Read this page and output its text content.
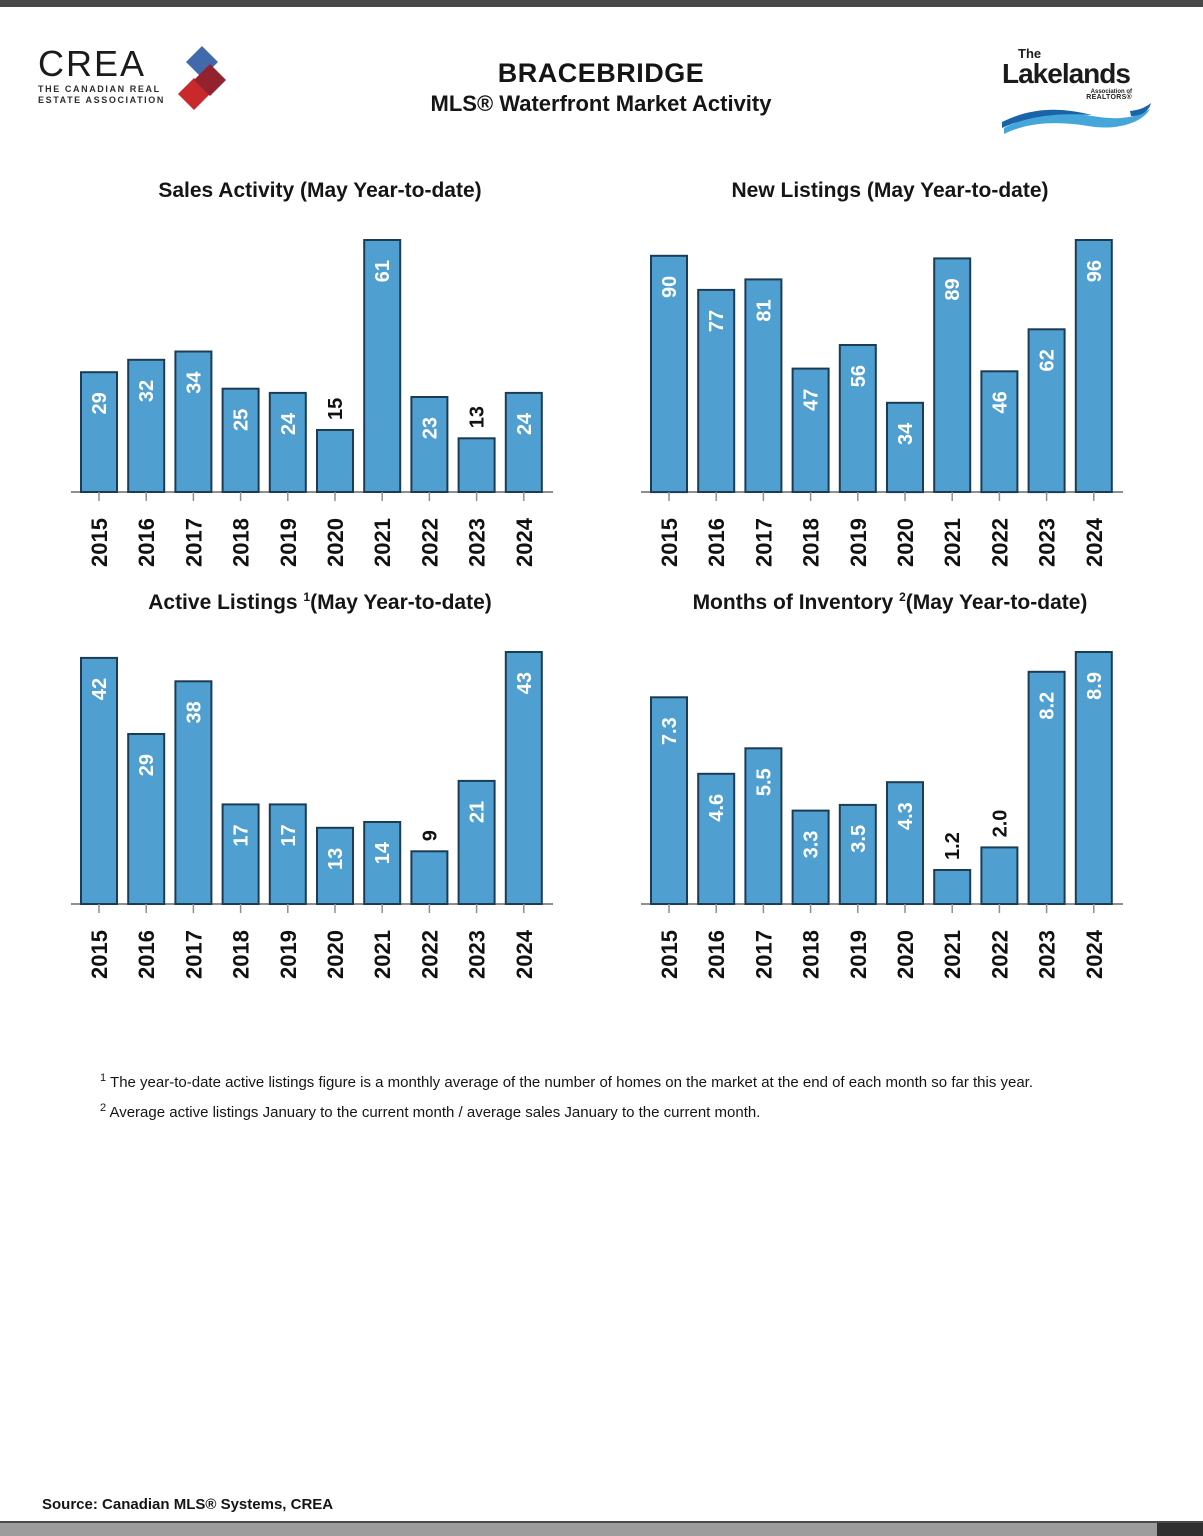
CREA
THE CANADIAN REAL
ESTATE ASSOCIATION
BRACEBRIDGE
MLS® Waterfront Market Activity
The
Lakelands
Association of
REALTORS®
Sales Activity (May Year-to-date)
29
2015
32
2016
34
2017
25
2018
24
2019
15
2020
61
2021
23
2022
13
2023
24
2024
New Listings (May Year-to-date)
90
2015
77
2016
81
2017
47
2018
56
2019
34
2020
89
2021
46
2022
62
2023
96
2024
Active Listings $^1$(May Year-to-date)
42
2015
29
2016
38
2017
17
2018
17
2019
13
2020
14
2021
9
2022
21
2023
43
2024
Months of Inventory $^2$(May Year-to-date)
7.3
2015
4.6
2016
5.5
2017
3.3
2018
3.5
2019
4.3
2020
1.2
2021
2.0
2022
8.2
2023
8.9
2024
$^1$ The year-to-date active listings figure is a monthly average of the number of homes on the market at the end of each month so far this year.
$^2$ Average active listings January to the current month / average sales January to the current month.
Source: Canadian MLS® Systems, CREA
